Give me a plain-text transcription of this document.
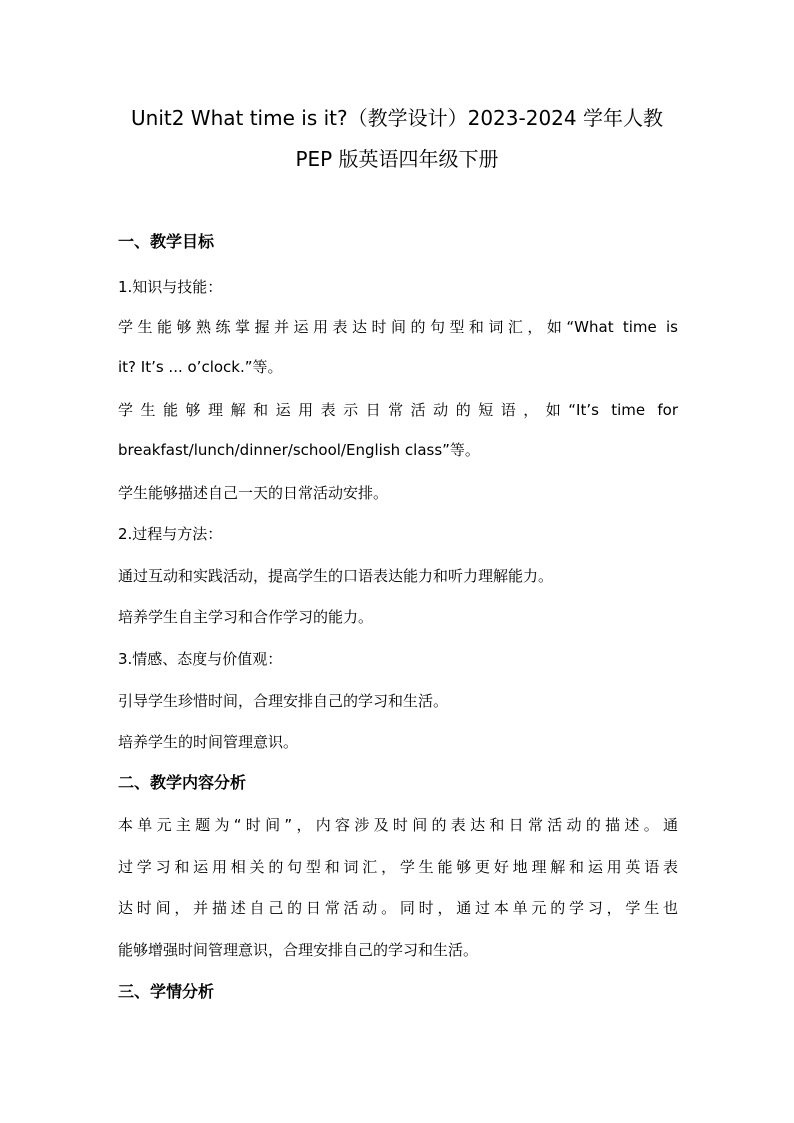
Unit2 What time is it?（教学设计）2023-2024 学年人教
PEP 版英语四年级下册
一、教学目标
1.知识与技能：
学生能够熟练掌握并运用表达时间的句型和词汇，如“What time is
it? It’s ... o’clock.”等。
学生能够理解和运用表示日常活动的短语，如“It’s time for
breakfast/lunch/dinner/school/English class”等。
学生能够描述自己一天的日常活动安排。
2.过程与方法：
通过互动和实践活动，提高学生的口语表达能力和听力理解能力。
培养学生自主学习和合作学习的能力。
3.情感、态度与价值观：
引导学生珍惜时间，合理安排自己的学习和生活。
培养学生的时间管理意识。
二、教学内容分析
本单元主题为“时间”，内容涉及时间的表达和日常活动的描述。通
过学习和运用相关的句型和词汇，学生能够更好地理解和运用英语表
达时间，并描述自己的日常活动。同时，通过本单元的学习，学生也
能够增强时间管理意识，合理安排自己的学习和生活。
三、学情分析
